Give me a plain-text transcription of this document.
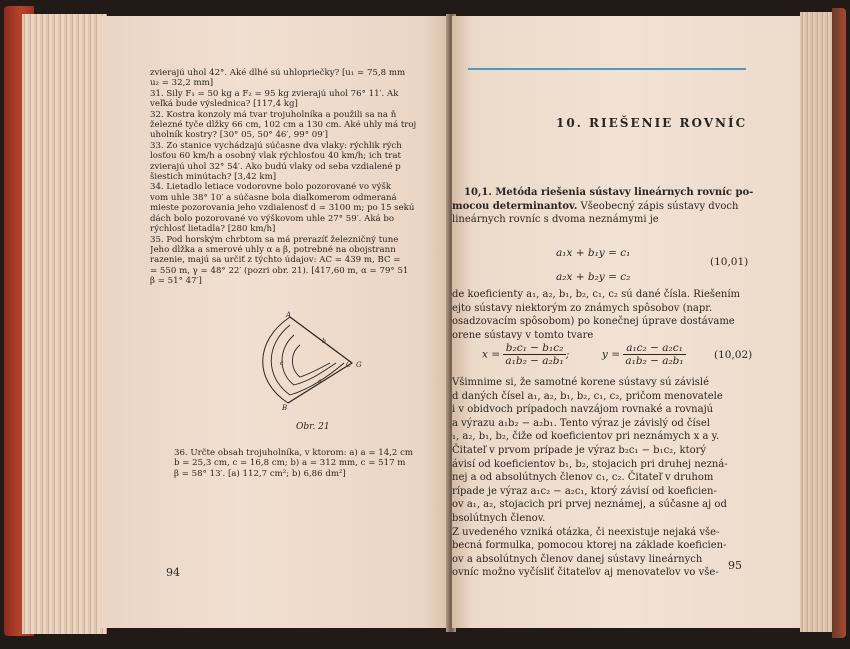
zvierajú uhol 42°. Aké dlhé sú uhlopriečky? [u₁ = 75,8 mm

u₂ = 32,2 mm]

31. Sily F₁ = 50 kg a F₂ = 95 kg zvierajú uhol 76° 11′. Ak

veľká bude výslednica? [117,4 kg]

32. Kostra konzoly má tvar trojuholníka a použili sa na ň

železné tyče dĺžky 66 cm, 102 cm a 130 cm. Aké uhly má troj

uholník kostry? [30° 05, 50° 46′, 99° 09′]

33. Zo stanice vychádzajú súčasne dva vlaky: rýchlik rých

losťou 60 km/h a osobný vlak rýchlosťou 40 km/h; ich trat

zvierajú uhol 32° 54′. Ako budú vlaky od seba vzdialené p

šiestich minútach? [3,42 km]

34. Lietadlo letiace vodorovne bolo pozorované vo výšk

vom uhle 38° 10′ a súčasne bola diaľkomerom odmeraná

mieste pozorovania jeho vzdialenosť d = 3100 m; po 15 sekú

dách bolo pozorované vo výškovom uhle 27° 59′. Aká bo

rýchlosť lietadla? [280 km/h]

35. Pod horským chrbtom sa má prerazíť železničný tune

Jeho dĺžka a smerové uhly α a β, potrebné na obojstrann

razenie, majú sa určiť z týchto údajov: AC = 439 m, BC =

= 550 m, γ = 48° 22′ (pozri obr. 21). [417,60 m, α = 79° 51

β = 51° 47′]

A
B
C G
c
a
b
Obr. 21

36. Určte obsah trojuholníka, v ktorom: a) a = 14,2 cm

b = 25,3 cm, c = 16,8 cm; b) a = 312 mm, c = 517 m

β = 58° 13′. [a) 112,7 cm²; b) 6,86 dm²]

94
10. RIEŠENIE ROVNÍC

10,1. Metóda riešenia sústavy lineárnych rovníc po-

mocou determinantov. Všeobecný zápis sústavy dvoch

lineárnych rovníc s dvoma neznámymi je

a₁x + b₁y = c₁
(10,01)
a₂x + b₂y = c₂

de koeficienty a₁, a₂, b₁, b₂, c₁, c₂ sú dané čísla. Riešením

ejto sústavy niektorým zo známych spôsobov (napr.

osadzovacím spôsobom) po konečnej úprave dostávame

orene sústavy v tomto tvare

$x = \frac{\text{b₂c₁ − b₁c₂}}{\text{a₁b₂ − a₂b₁}}$ ;	$y = \frac{\text{a₁c₂ − a₂c₁}}{\text{a₁b₂ − a₂b₁}}$	(10,02)

Všimnime si, že samotné korene sústavy sú závislé

d daných čísel a₁, a₂, b₁, b₂, c₁, c₂, pričom menovatele

i v obidvoch prípadoch navzájom rovnaké a rovnajú

a výrazu a₁b₂ − a₂b₁. Tento výraz je závislý od čísel

₁, a₂, b₁, b₂, čiže od koeficientov pri neznámych x a y.

Čitateľ v prvom prípade je výraz b₂c₁ − b₁c₂, ktorý

ávisí od koeficientov b₁, b₂, stojacich pri druhej nezná-

nej a od absolútnych členov c₁, c₂. Čitateľ v druhom

rípade je výraz a₁c₂ − a₂c₁, ktorý závisí od koeficien-

ov a₁, a₂, stojacich pri prvej neznámej, a súčasne aj od

bsolútnych členov.

Z uvedeného vzniká otázka, či neexistuje nejaká vše-

becná formulka, pomocou ktorej na základe koeficien-

ov a absolútnych členov danej sústavy lineárnych

ovníc možno vyčísliť čitateľov aj menovateľov vo vše-

95
